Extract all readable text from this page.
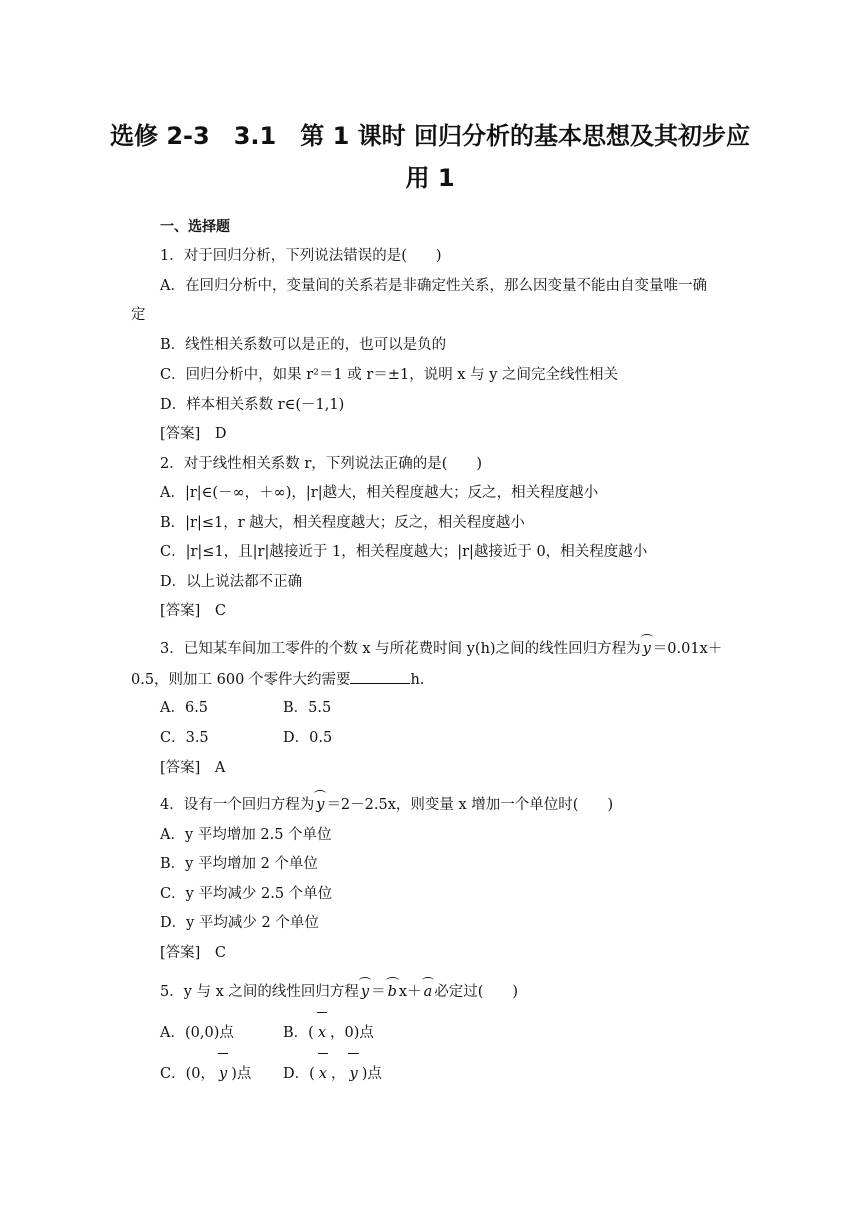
选修 2-3　3.1　第 1 课时 回归分析的基本思想及其初步应
用 1
一、选择题
1．对于回归分析，下列说法错误的是(　　)
A．在回归分析中，变量间的关系若是非确定性关系，那么因变量不能由自变量唯一确
定
B．线性相关系数可以是正的，也可以是负的
C．回归分析中，如果 r²＝1 或 r＝±1，说明 x 与 y 之间完全线性相关
D．样本相关系数 r∈(－1,1)
[答案]　D
2．对于线性相关系数 r，下列说法正确的是(　　)
A．|r|∈(－∞，＋∞)，|r|越大，相关程度越大；反之，相关程度越小
B．|r|≤1，r 越大，相关程度越大；反之，相关程度越小
C．|r|≤1，且|r|越接近于 1，相关程度越大；|r|越接近于 0，相关程度越小
D．以上说法都不正确
[答案]　C
3．已知某车间加工零件的个数 x 与所花费时间 y(h)之间的线性回归方程为 y ＝0.01x＋
0.5，则加工 600 个零件大约需要	h.
A．6.5	B．5.5
C．3.5	D．0.5
[答案]　A
4．设有一个回归方程为 y ＝2－2.5x，则变量 x 增加一个单位时(　　)
A．y 平均增加 2.5 个单位
B．y 平均增加 2 个单位
C．y 平均减少 2.5 个单位
D．y 平均减少 2 个单位
[答案]　C
5．y 与 x 之间的线性回归方程 y ＝ b x＋ a 必定过(　　)
A．(0,0)点	B．( x ，0)点
C．(0， y )点 D．( x ， y )点
